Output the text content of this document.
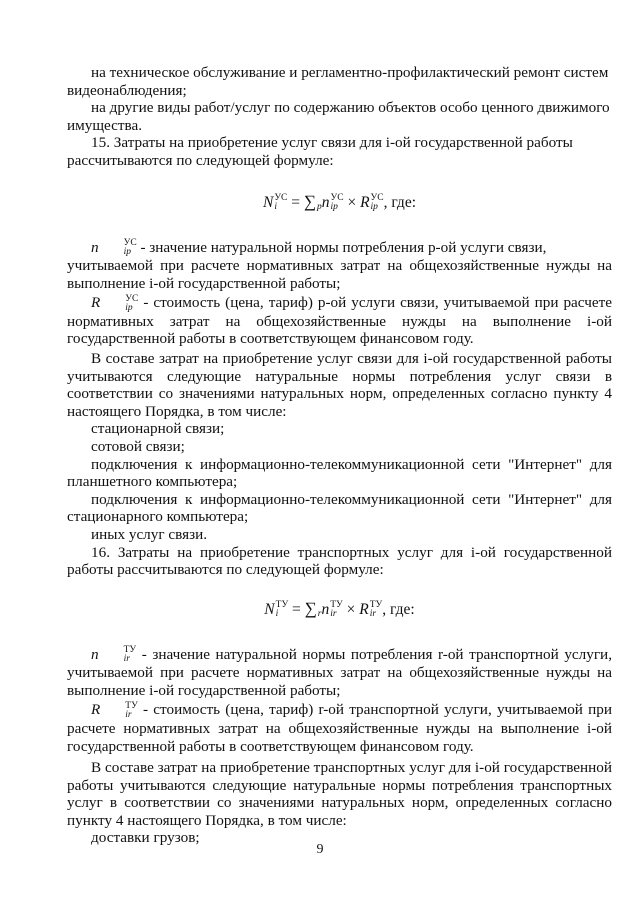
на техническое обслуживание и регламентно-профилактический ремонт систем

видеонаблюдения;

на другие виды работ/услуг по содержанию объектов особо ценного движимого

имущества.

15. Затраты на приобретение услуг связи для i-ой государственной работы

рассчитываются по следующей формуле:

N УС
i = ∑
p n УС
ip × R УС
ip , где:

n	УС
ip - значение натуральной нормы потребления p-ой услуги связи,

учитываемой при расчете нормативных затрат на общехозяйственные нужды на выполнение i-ой государственной работы;

R	УС
ip - стоимость (цена, тариф) p-ой услуги связи, учитываемой при расчете нормативных затрат на общехозяйственные нужды на выполнение i-ой государственной работы в соответствующем финансовом году.

В составе затрат на приобретение услуг связи для i-ой государственной работы учитываются следующие натуральные нормы потребления услуг связи в соответствии со значениями натуральных норм, определенных согласно пункту 4 настоящего Порядка, в том числе:

стационарной связи;

сотовой связи;

подключения к информационно-телекоммуникационной сети "Интернет" для планшетного компьютера;

подключения к информационно-телекоммуникационной сети "Интернет" для стационарного компьютера;

иных услуг связи.

16. Затраты на приобретение транспортных услуг для i-ой государственной работы рассчитываются по следующей формуле:

N ТУ
i = ∑
r n ТУ
ir × R ТУ
ir , где:

n	ТУ
ir - значение натуральной нормы потребления r-ой транспортной услуги, учитываемой при расчете нормативных затрат на общехозяйственные нужды на выполнение i-ой государственной работы;

R	ТУ
ir - стоимость (цена, тариф) r-ой транспортной услуги, учитываемой при расчете нормативных затрат на общехозяйственные нужды на выполнение i-ой государственной работы в соответствующем финансовом году.

В составе затрат на приобретение транспортных услуг для i-ой государственной работы учитываются следующие натуральные нормы потребления транспортных услуг в соответствии со значениями натуральных норм, определенных согласно пункту 4 настоящего Порядка, в том числе:

доставки грузов;

9
